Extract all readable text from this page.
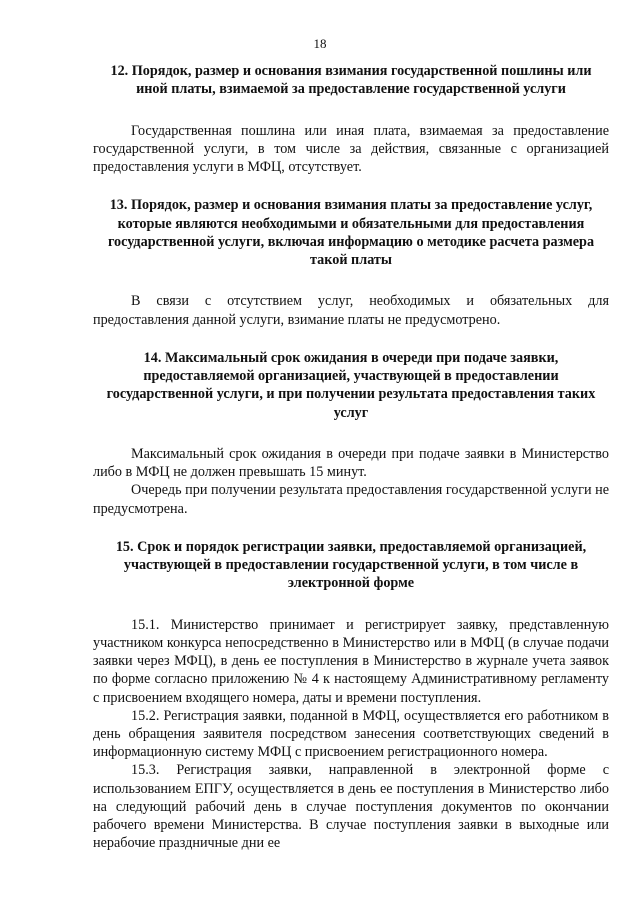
18

12. Порядок, размер и основания взимания государственной пошлины или иной платы, взимаемой за предоставление государственной услуги

Государственная пошлина или иная плата, взимаемая за предоставление государственной услуги, в том числе за действия, связанные с организацией предоставления услуги в МФЦ, отсутствует.

13. Порядок, размер и основания взимания платы за предоставление услуг, которые являются необходимыми и обязательными для предоставления государственной услуги, включая информацию о методике расчета размера такой платы

В связи с отсутствием услуг, необходимых и обязательных для предоставления данной услуги, взимание платы не предусмотрено.

14. Максимальный срок ожидания в очереди при подаче заявки, предоставляемой организацией, участвующей в предоставлении государственной услуги, и при получении результата предоставления таких услуг

Максимальный срок ожидания в очереди при подаче заявки в Министерство либо в МФЦ не должен превышать 15 минут.

Очередь при получении результата предоставления государственной услуги не предусмотрена.

15. Срок и порядок регистрации заявки, предоставляемой организацией, участвующей в предоставлении государственной услуги, в том числе в электронной форме

15.1. Министерство принимает и регистрирует заявку, представленную участником конкурса непосредственно в Министерство или в МФЦ (в случае подачи заявки через МФЦ), в день ее поступления в Министерство в журнале учета заявок по форме согласно приложению № 4 к настоящему Административному регламенту с присвоением входящего номера, даты и времени поступления.

15.2. Регистрация заявки, поданной в МФЦ, осуществляется его работником в день обращения заявителя посредством занесения соответствующих сведений в информационную систему МФЦ с присвоением регистрационного номера.

15.3. Регистрация заявки, направленной в электронной форме с использованием ЕПГУ, осуществляется в день ее поступления в Министерство либо на следующий рабочий день в случае поступления документов по окончании рабочего времени Министерства. В случае поступления заявки в выходные или нерабочие праздничные дни ее
